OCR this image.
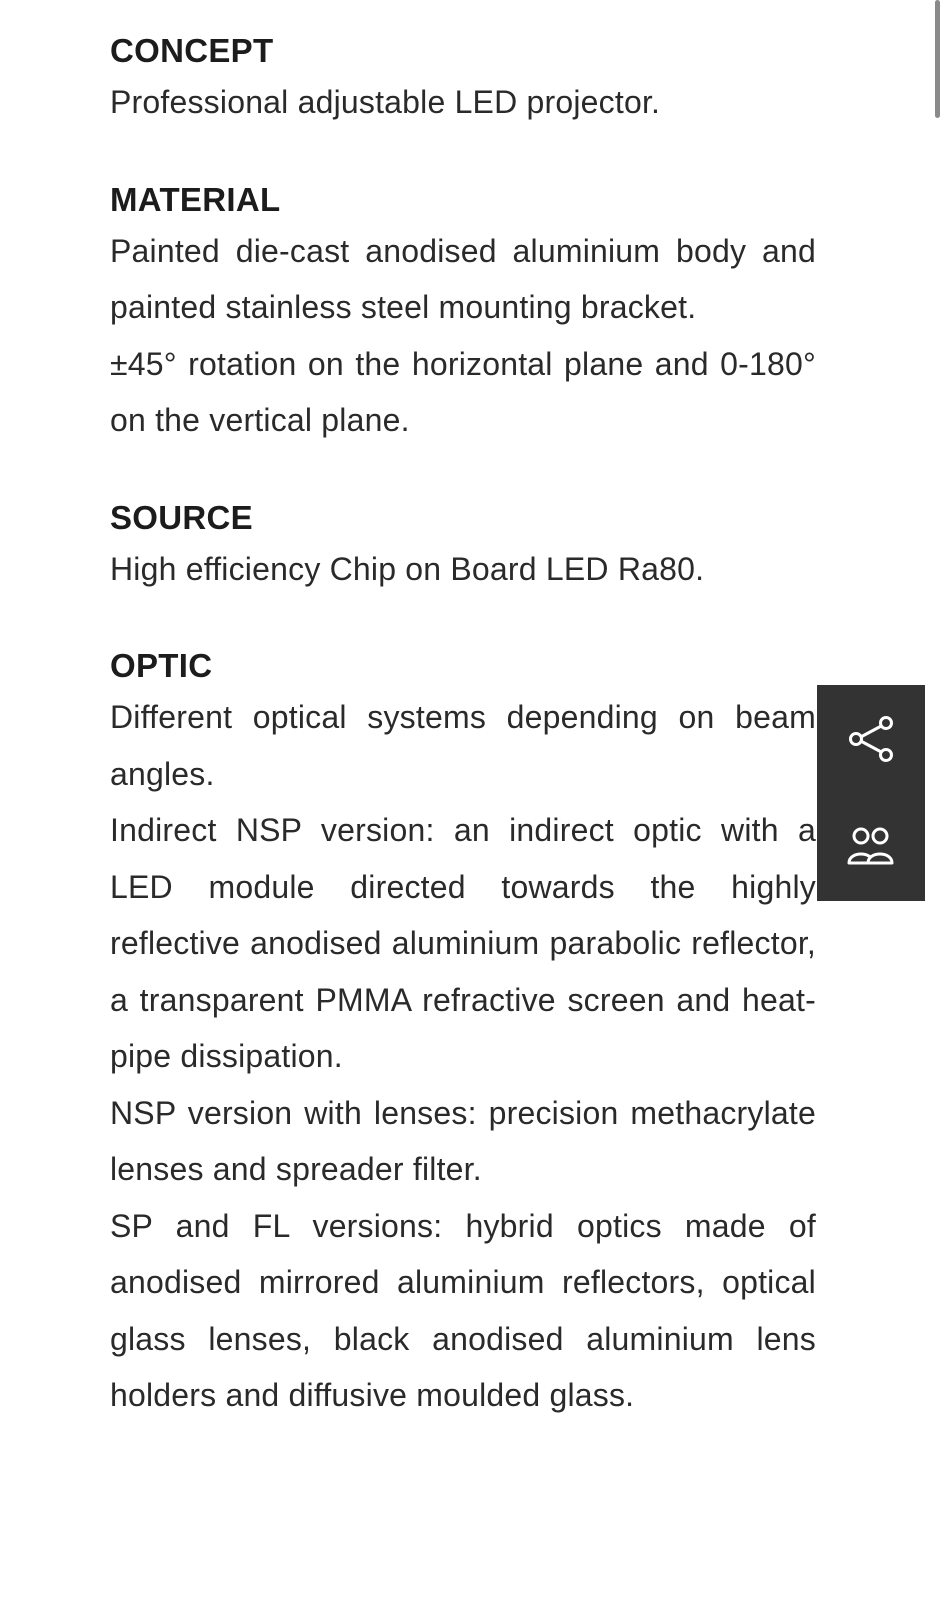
CONCEPT

Professional adjustable LED projector.

MATERIAL

Painted die-cast anodised aluminium body and painted stainless steel mounting bracket.

±45° rotation on the horizontal plane and 0-180° on the vertical plane.

SOURCE

High efficiency Chip on Board LED Ra80.

OPTIC

Different optical systems depending on beam angles.

Indirect NSP version: an indirect optic with a LED module directed towards the highly reflective anodised aluminium parabolic reflector, a transparent PMMA refractive screen and heat-pipe dissipation.

NSP version with lenses: precision methacrylate lenses and spreader filter.

SP and FL versions: hybrid optics made of anodised mirrored aluminium reflectors, optical glass lenses, black anodised aluminium lens holders and diffusive moulded glass.
